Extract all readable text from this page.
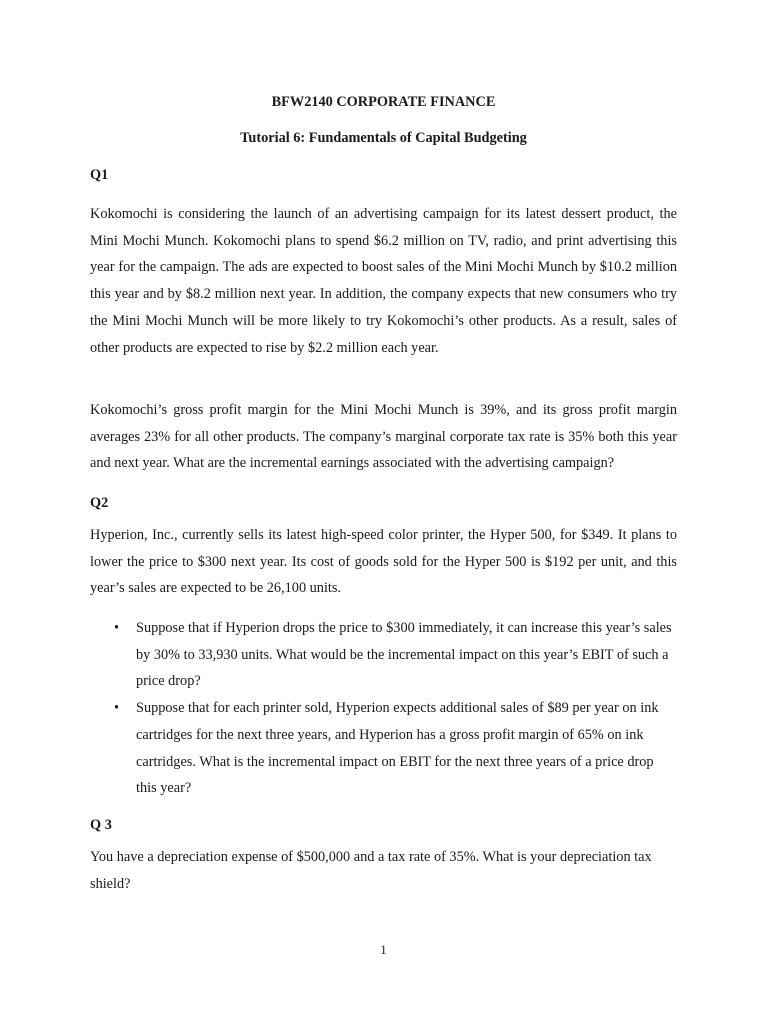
BFW2140 CORPORATE FINANCE
Tutorial 6: Fundamentals of Capital Budgeting
Q1

Kokomochi is considering the launch of an advertising campaign for its latest dessert product, the Mini Mochi Munch. Kokomochi plans to spend $6.2 million on TV, radio, and print advertising this year for the campaign. The ads are expected to boost sales of the Mini Mochi Munch by $10.2 million this year and by $8.2 million next year. In addition, the company expects that new consumers who try the Mini Mochi Munch will be more likely to try Kokomochi’s other products. As a result, sales of other products are expected to rise by $2.2 million each year.

Kokomochi’s gross profit margin for the Mini Mochi Munch is 39%, and its gross profit margin averages 23% for all other products. The company’s marginal corporate tax rate is 35% both this year and next year. What are the incremental earnings associated with the advertising campaign?

Q2

Hyperion, Inc., currently sells its latest high-speed color printer, the Hyper 500, for $349. It plans to lower the price to $300 next year. Its cost of goods sold for the Hyper 500 is $192 per unit, and this year’s sales are expected to be 26,100 units.

• Suppose that if Hyperion drops the price to $300 immediately, it can increase this year’s sales by 30% to 33,930 units. What would be the incremental impact on this year’s EBIT of such a price drop?
• Suppose that for each printer sold, Hyperion expects additional sales of $89 per year on ink cartridges for the next three years, and Hyperion has a gross profit margin of 65% on ink cartridges. What is the incremental impact on EBIT for the next three years of a price drop this year?
Q 3

You have a depreciation expense of $500,000 and a tax rate of 35%. What is your depreciation tax shield?

1
